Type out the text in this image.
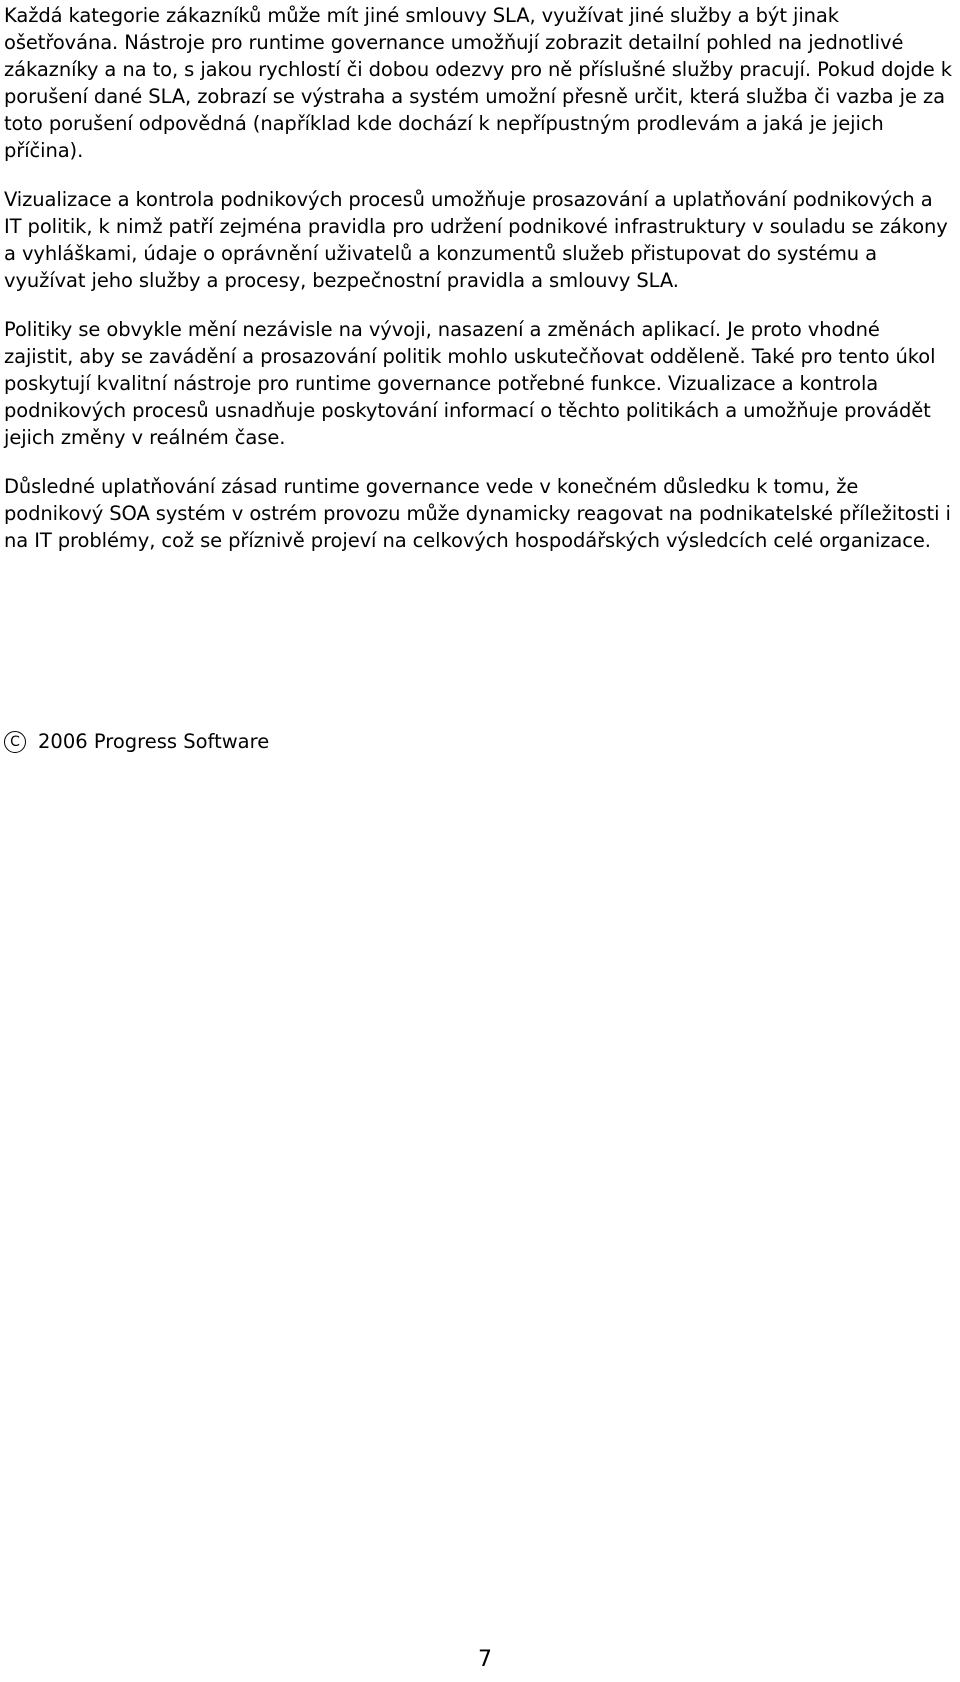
Každá kategorie zákazníků může mít jiné smlouvy SLA, využívat jiné služby a být jinak ošetřována. Nástroje pro runtime governance umožňují zobrazit detailní pohled na jednotlivé zákazníky a na to, s jakou rychlostí či dobou odezvy pro ně příslušné služby pracují. Pokud dojde k porušení dané SLA, zobrazí se výstraha a systém umožní přesně určit, která služba či vazba je za toto porušení odpovědná (například kde dochází k nepřípustným prodlevám a jaká je jejich příčina).

Vizualizace a kontrola podnikových procesů umožňuje prosazování a uplatňování podnikových a IT politik, k nimž patří zejména pravidla pro udržení podnikové infrastruktury v souladu se zákony a vyhláškami, údaje o oprávnění uživatelů a konzumentů služeb přistupovat do systému a využívat jeho služby a procesy, bezpečnostní pravidla a smlouvy SLA.

Politiky se obvykle mění nezávisle na vývoji, nasazení a změnách aplikací. Je proto vhodné zajistit, aby se zavádění a prosazování politik mohlo uskutečňovat odděleně. Také pro tento úkol poskytují kvalitní nástroje pro runtime governance potřebné funkce. Vizualizace a kontrola podnikových procesů usnadňuje poskytování informací o těchto politikách a umožňuje provádět jejich změny v reálném čase.

Důsledné uplatňování zásad runtime governance vede v konečném důsledku k tomu, že podnikový SOA systém v ostrém provozu může dynamicky reagovat na podnikatelské příležitosti i na IT problémy, což se příznivě projeví na celkových hospodářských výsledcích celé organizace.

C 2006 Progress Software
7
